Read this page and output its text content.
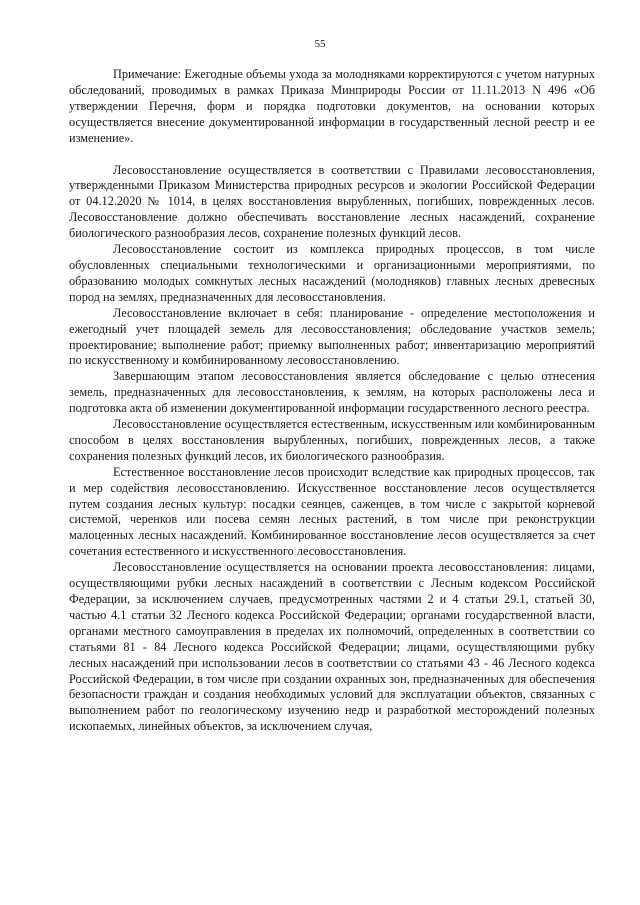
55

Примечание: Ежегодные объемы ухода за молодняками корректируются с учетом натурных обследований, проводимых в рамках Приказа Минприроды России от 11.11.2013 N 496 «Об утверждении Перечня, форм и порядка подготовки документов, на основании которых осуществляется внесение документированной информации в государственный лесной реестр и ее изменение».

Лесовосстановление осуществляется в соответствии с Правилами лесовосстановления, утвержденными Приказом Министерства природных ресурсов и экологии Российской Федерации от 04.12.2020 № 1014, в целях восстановления вырубленных, погибших, поврежденных лесов. Лесовосстановление должно обеспечивать восстановление лесных насаждений, сохранение биологического разнообразия лесов, сохранение полезных функций лесов.

Лесовосстановление состоит из комплекса природных процессов, в том числе обусловленных специальными технологическими и организационными мероприятиями, по образованию молодых сомкнутых лесных насаждений (молодняков) главных лесных древесных пород на землях, предназначенных для лесовосстановления.

Лесовосстановление включает в себя: планирование - определение местоположения и ежегодный учет площадей земель для лесовосстановления; обследование участков земель; проектирование; выполнение работ; приемку выполненных работ; инвентаризацию мероприятий по искусственному и комбинированному лесовосстановлению.

Завершающим этапом лесовосстановления является обследование с целью отнесения земель, предназначенных для лесовосстановления, к землям, на которых расположены леса и подготовка акта об изменении документированной информации государственного лесного реестра.

Лесовосстановление осуществляется естественным, искусственным или комбинированным способом в целях восстановления вырубленных, погибших, поврежденных лесов, а также сохранения полезных функций лесов, их биологического разнообразия.

Естественное восстановление лесов происходит вследствие как природных процессов, так и мер содействия лесовосстановлению. Искусственное восстановление лесов осуществляется путем создания лесных культур: посадки сеянцев, саженцев, в том числе с закрытой корневой системой, черенков или посева семян лесных растений, в том числе при реконструкции малоценных лесных насаждений. Комбинированное восстановление лесов осуществляется за счет сочетания естественного и искусственного лесовосстановления.

Лесовосстановление осуществляется на основании проекта лесовосстановления: лицами, осуществляющими рубки лесных насаждений в соответствии с Лесным кодексом Российской Федерации, за исключением случаев, предусмотренных частями 2 и 4 статьи 29.1, статьей 30, частью 4.1 статьи 32 Лесного кодекса Российской Федерации; органами государственной власти, органами местного самоуправления в пределах их полномочий, определенных в соответствии со статьями 81 - 84 Лесного кодекса Российской Федерации; лицами, осуществляющими рубку лесных насаждений при использовании лесов в соответствии со статьями 43 - 46 Лесного кодекса Российской Федерации, в том числе при создании охранных зон, предназначенных для обеспечения безопасности граждан и создания необходимых условий для эксплуатации объектов, связанных с выполнением работ по геологическому изучению недр и разработкой месторождений полезных ископаемых, линейных объектов, за исключением случая,
